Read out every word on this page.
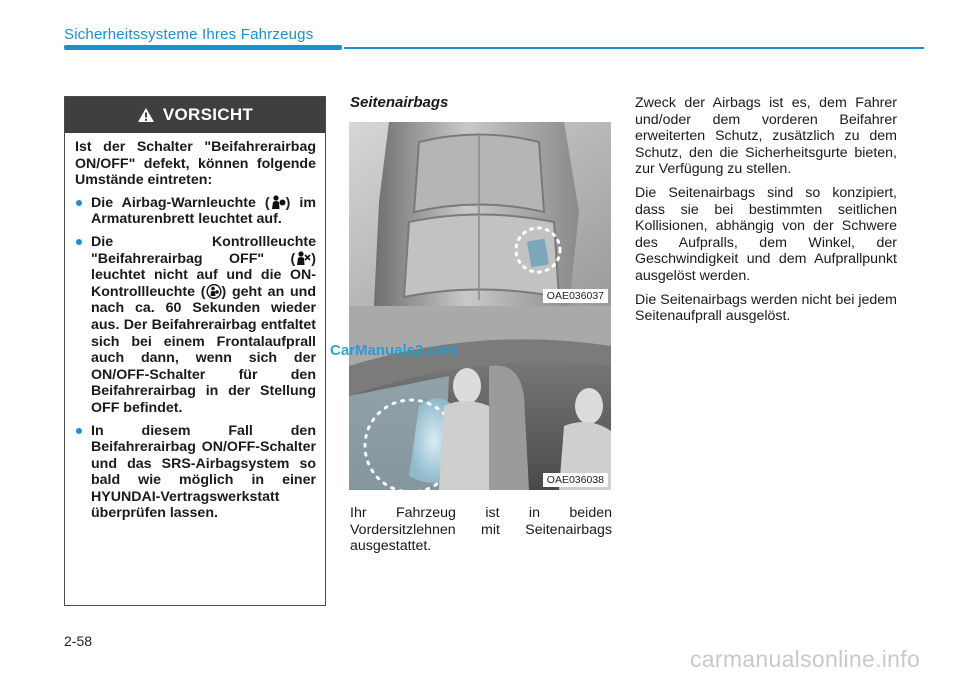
Sicherheitssysteme Ihres Fahrzeugs
VORSICHT

Ist der Schalter "Beifahrerairbag ON/OFF" defekt, können folgende Umstände eintreten:

Die Airbag-Warnleuchte ( ) im Armaturenbrett leuchtet auf.
Die Kontrollleuchte "Beifahrerairbag OFF" ( ) leuchtet nicht auf und die ON-Kontrollleuchte ( ) geht an und nach ca. 60 Sekunden wieder aus. Der Beifahrerairbag entfaltet sich bei einem Frontalaufprall auch dann, wenn sich der ON/OFF-Schalter für den Beifahrerairbag in der Stellung OFF befindet.
In diesem Fall den Beifahrerairbag ON/OFF-Schalter und das SRS-Airbagsystem so bald wie möglich in einer HYUNDAI-Vertragswerkstatt überprüfen lassen.
Seitenairbags
OAE036037
OAE036038
Ihr Fahrzeug ist in beiden Vordersitzlehnen mit Seitenairbags ausgestattet.

Zweck der Airbags ist es, dem Fahrer und/oder dem vorderen Beifahrer erweiterten Schutz, zusätzlich zu dem Schutz, den die Sicherheitsgurte bieten, zur Verfügung zu stellen.

Die Seitenairbags sind so konzipiert, dass sie bei bestimmten seitlichen Kollisionen, abhängig von der Schwere des Aufpralls, dem Winkel, der Geschwindigkeit und dem Aufprallpunkt ausgelöst werden.

Die Seitenairbags werden nicht bei jedem Seitenaufprall ausgelöst.

CarManuals2.com
2-58
carmanualsonline.info
